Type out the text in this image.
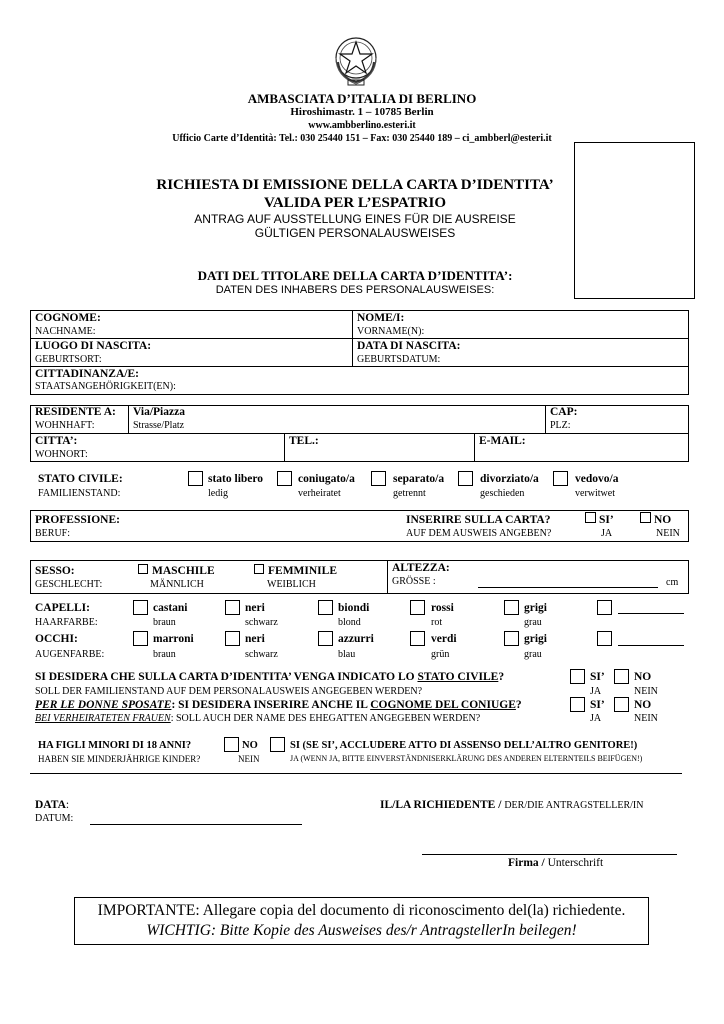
AMBASCIATA D’ITALIA DI BERLINO
Hiroshimastr. 1 – 10785 Berlin
www.ambberlino.esteri.it
Ufficio Carte d’Identità: Tel.: 030 25440 151 – Fax: 030 25440 189 – ci_ambberl@esteri.it
RICHIESTA DI EMISSIONE DELLA CARTA D’IDENTITA’
VALIDA PER L’ESPATRIO
ANTRAG AUF AUSSTELLUNG EINES FÜR DIE AUSREISE
GÜLTIGEN PERSONALAUSWEISES
DATI DEL TITOLARE DELLA CARTA D’IDENTITA’:
DATEN DES INHABERS DES PERSONALAUSWEISES:
COGNOME:
NACHNAME:
NOME/I:
VORNAME(N):
LUOGO DI NASCITA:
GEBURTSORT:
DATA DI NASCITA:
GEBURTSDATUM:
CITTADINANZA/E:
STAATSANGEHÖRIGKEIT(EN):
RESIDENTE A:
WOHNHAFT:
Via/Piazza
Strasse/Platz
CAP:
PLZ:
CITTA’:
WOHNORT:
TEL.:	E-MAIL:
STATO CIVILE:
FAMILIENSTAND:
stato libero
ledig
coniugato/a
verheiratet
separato/a
getrennt
divorziato/a
geschieden
vedovo/a
verwitwet
PROFESSIONE:
BERUF:
INSERIRE SULLA CARTA?
AUF DEM AUSWEIS ANGEBEN?
SI’
JA
NO
NEIN
SESSO:
GESCHLECHT:
MASCHILE
MÄNNLICH
FEMMINILE
WEIBLICH
ALTEZZA:
GRÖSSE :	cm
CAPELLI:
HAARFARBE:
castani
braun
neri
schwarz
biondi
blond
rossi
rot
grigi
grau
OCCHI:
AUGENFARBE:
marroni
braun
neri
schwarz
azzurri
blau
verdi
grün
grigi
grau
SI DESIDERA CHE SULLA CARTA D’IDENTITA’ VENGA INDICATO LO STATO CIVILE?
SOLL DER FAMILIENSTAND AUF DEM PERSONALAUSWEIS ANGEGEBEN WERDEN?
SI’
JA
NO
NEIN
PER LE DONNE SPOSATE: SI DESIDERA INSERIRE ANCHE IL COGNOME DEL CONIUGE?
BEI VERHEIRATETEN FRAUEN: SOLL AUCH DER NAME DES EHEGATTEN ANGEGEBEN WERDEN?
SI’
JA
NO
NEIN
HA FIGLI MINORI DI 18 ANNI?
HABEN SIE MINDERJÄHRIGE KINDER?
NO
NEIN
SI (SE SI’, ACCLUDERE ATTO DI ASSENSO DELL’ALTRO GENITORE!)
JA (WENN JA, BITTE EINVERSTÄNDNISERKLÄRUNG DES ANDEREN ELTERNTEILS BEIFÜGEN!)
DATA:
DATUM:
IL/LA RICHIEDENTE / DER/DIE ANTRAGSTELLER/IN
Firma / Unterschrift
IMPORTANTE: Allegare copia del documento di riconoscimento del(la) richiedente.
WICHTIG: Bitte Kopie des Ausweises des/r AntragstellerIn beilegen!
